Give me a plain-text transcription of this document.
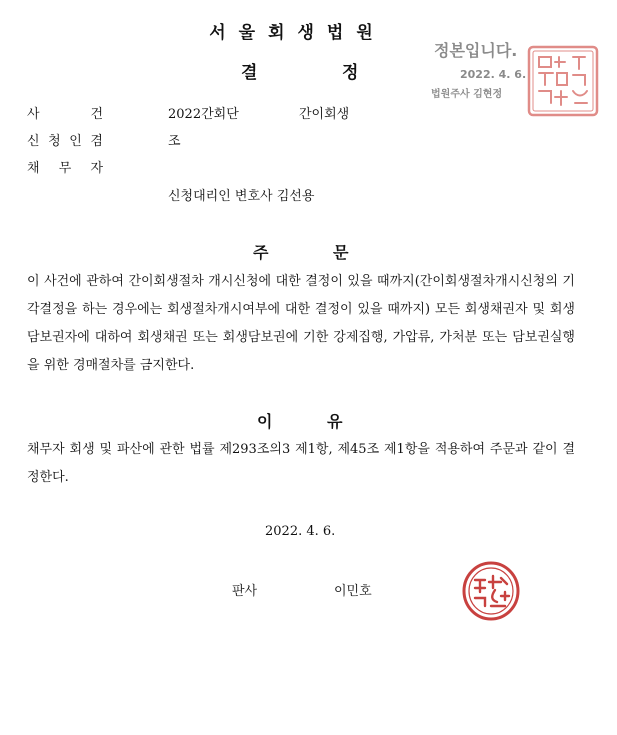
서울회생법원
결	정
정본입니다.
2022. 4. 6.
법원주사 김현정
사	건	2022간회단	간이회생
신 청 인 겸	조
채 무 자
신청대리인 변호사 김선용
주	문
이 사건에 관하여 간이회생절차 개시신청에 대한 결정이 있을 때까지(간이회생절차개시신청의 기각결정을 하는 경우에는 회생절차개시여부에 대한 결정이 있을 때까지) 모든 회생채권자 및 회생담보권자에 대하여 회생채권 또는 회생담보권에 기한 강제집행, 가압류, 가처분 또는 담보권실행을 위한 경매절차를 금지한다.
이	유
채무자 회생 및 파산에 관한 법률 제293조의3 제1항, 제45조 제1항을 적용하여 주문과 같이 결정한다.
2022. 4. 6.
판사	이민호
